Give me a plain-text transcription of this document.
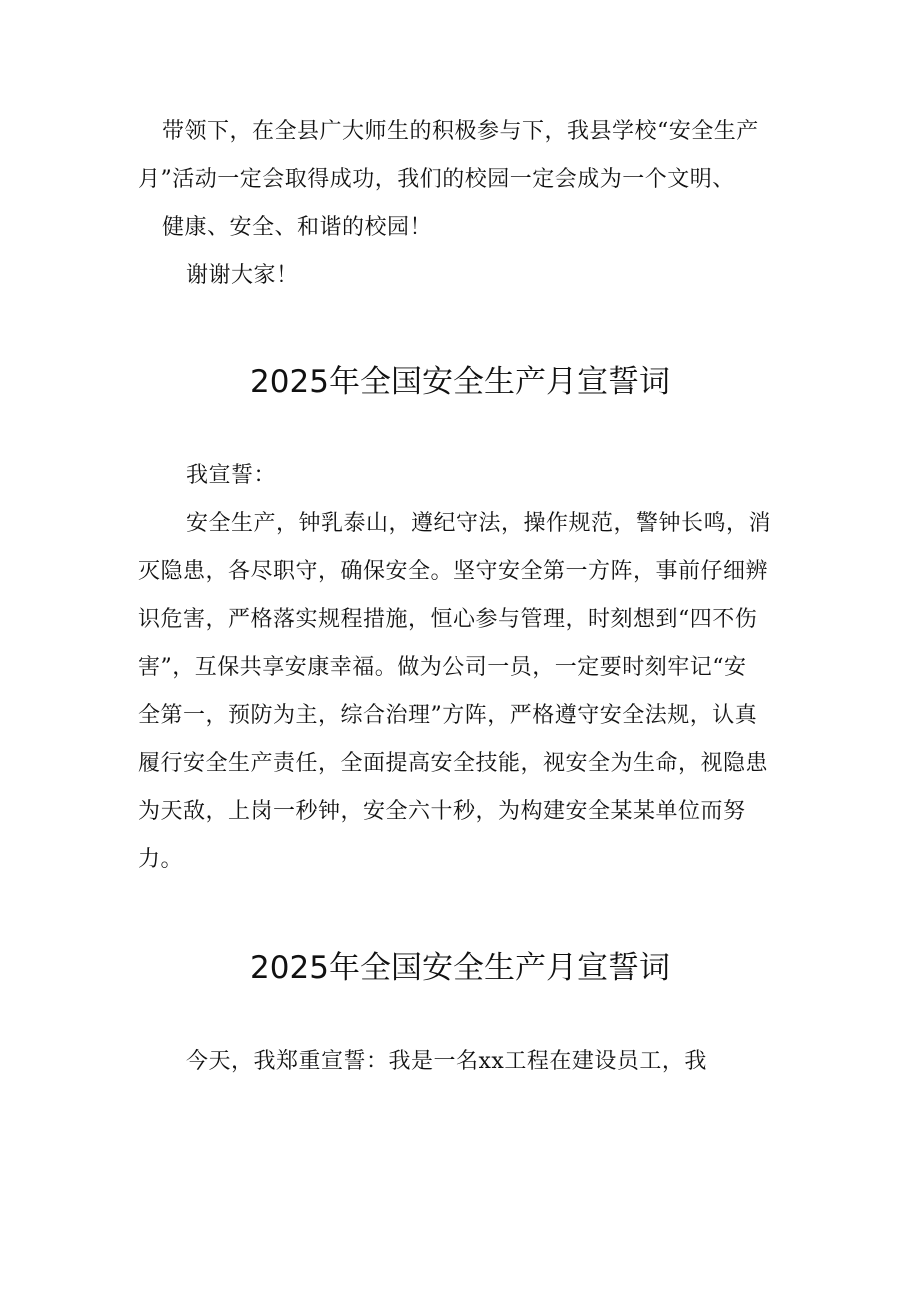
带领下，在全县广大师生的积极参与下，我县学校“安全生产
月”活动一定会取得成功，我们的校园一定会成为一个文明、
健康、安全、和谐的校园！
谢谢大家！
2025年全国安全生产月宣誓词
我宣誓：
安全生产，钟乳泰山，遵纪守法，操作规范，警钟长鸣，消
灭隐患，各尽职守，确保安全。坚守安全第一方阵，事前仔细辨
识危害，严格落实规程措施，恒心参与管理，时刻想到“四不伤
害”，互保共享安康幸福。做为公司一员，一定要时刻牢记“安
全第一，预防为主，综合治理”方阵，严格遵守安全法规，认真
履行安全生产责任，全面提高安全技能，视安全为生命，视隐患
为天敌，上岗一秒钟，安全六十秒，为构建安全某某单位而努
力。
2025年全国安全生产月宣誓词
今天，我郑重宣誓：我是一名xx工程在建设员工，我
